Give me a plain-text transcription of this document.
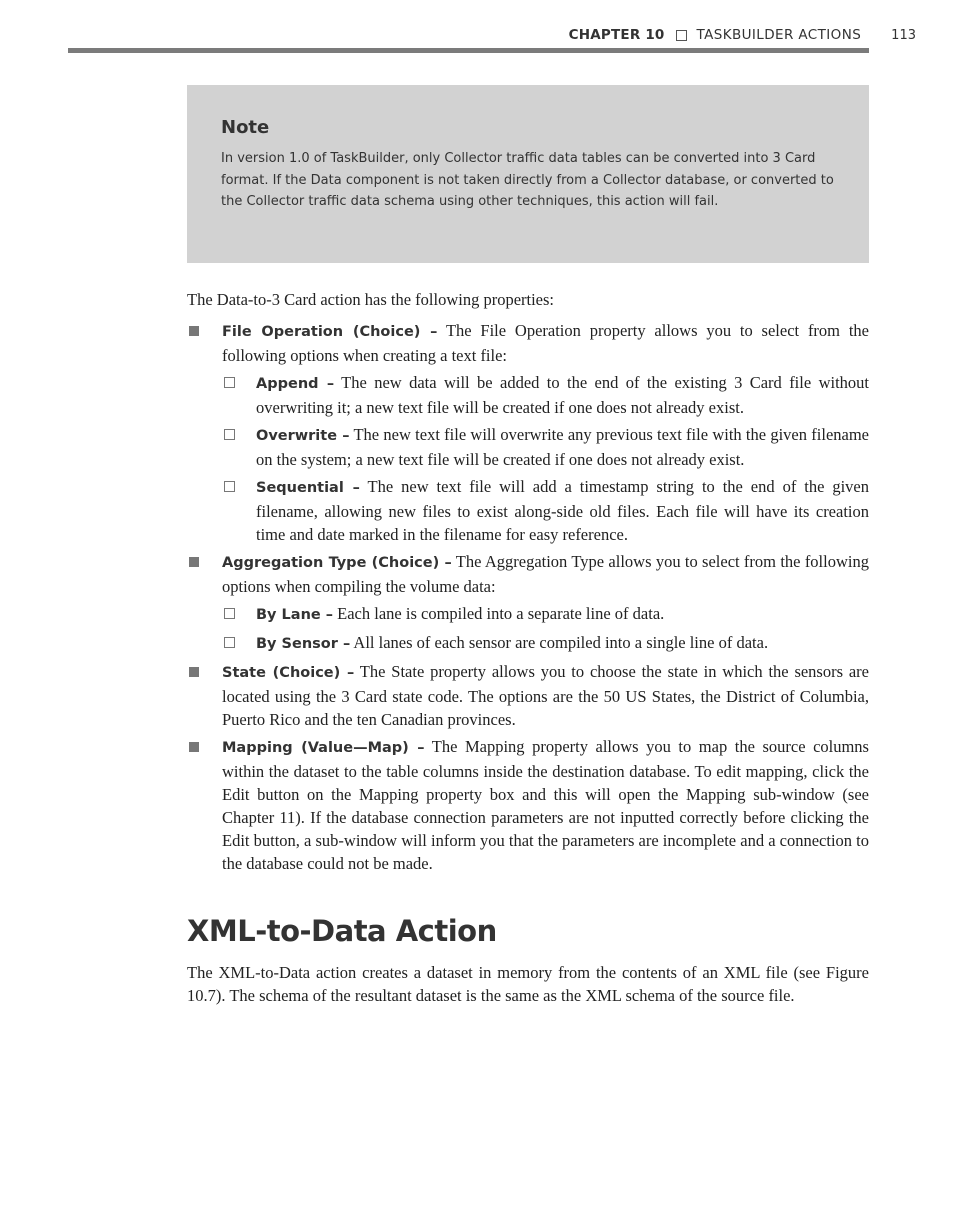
CHAPTER 10 TASKBUILDER ACTIONS 113
Note
In version 1.0 of TaskBuilder, only Collector traffic data tables can be converted into 3 Card format. If the Data component is not taken directly from a Collector database, or converted to the Collector traffic data schema using other techniques, this action will fail.

The Data-to-3 Card action has the following properties:

File Operation (Choice) – The File Operation property allows you to select from the following options when creating a text file:
Append – The new data will be added to the end of the existing 3 Card file without overwriting it; a new text file will be created if one does not already exist.
Overwrite – The new text file will overwrite any previous text file with the given filename on the system; a new text file will be created if one does not already exist.
Sequential – The new text file will add a timestamp string to the end of the given filename, allowing new files to exist along-side old files. Each file will have its creation time and date marked in the filename for easy reference.
Aggregation Type (Choice) – The Aggregation Type allows you to select from the following options when compiling the volume data:
By Lane – Each lane is compiled into a separate line of data.
By Sensor – All lanes of each sensor are compiled into a single line of data.
State (Choice) – The State property allows you to choose the state in which the sensors are located using the 3 Card state code. The options are the 50 US States, the District of Columbia, Puerto Rico and the ten Canadian provinces.
Mapping (Value—Map) – The Mapping property allows you to map the source columns within the dataset to the table columns inside the destination database. To edit mapping, click the Edit button on the Mapping property box and this will open the Mapping sub-window (see Chapter 11). If the database connection parameters are not inputted correctly before clicking the Edit button, a sub-window will inform you that the parameters are incomplete and a connection to the database could not be made.

XML-to-Data Action

The XML-to-Data action creates a dataset in memory from the contents of an XML file (see Figure 10.7). The schema of the resultant dataset is the same as the XML schema of the source file.
